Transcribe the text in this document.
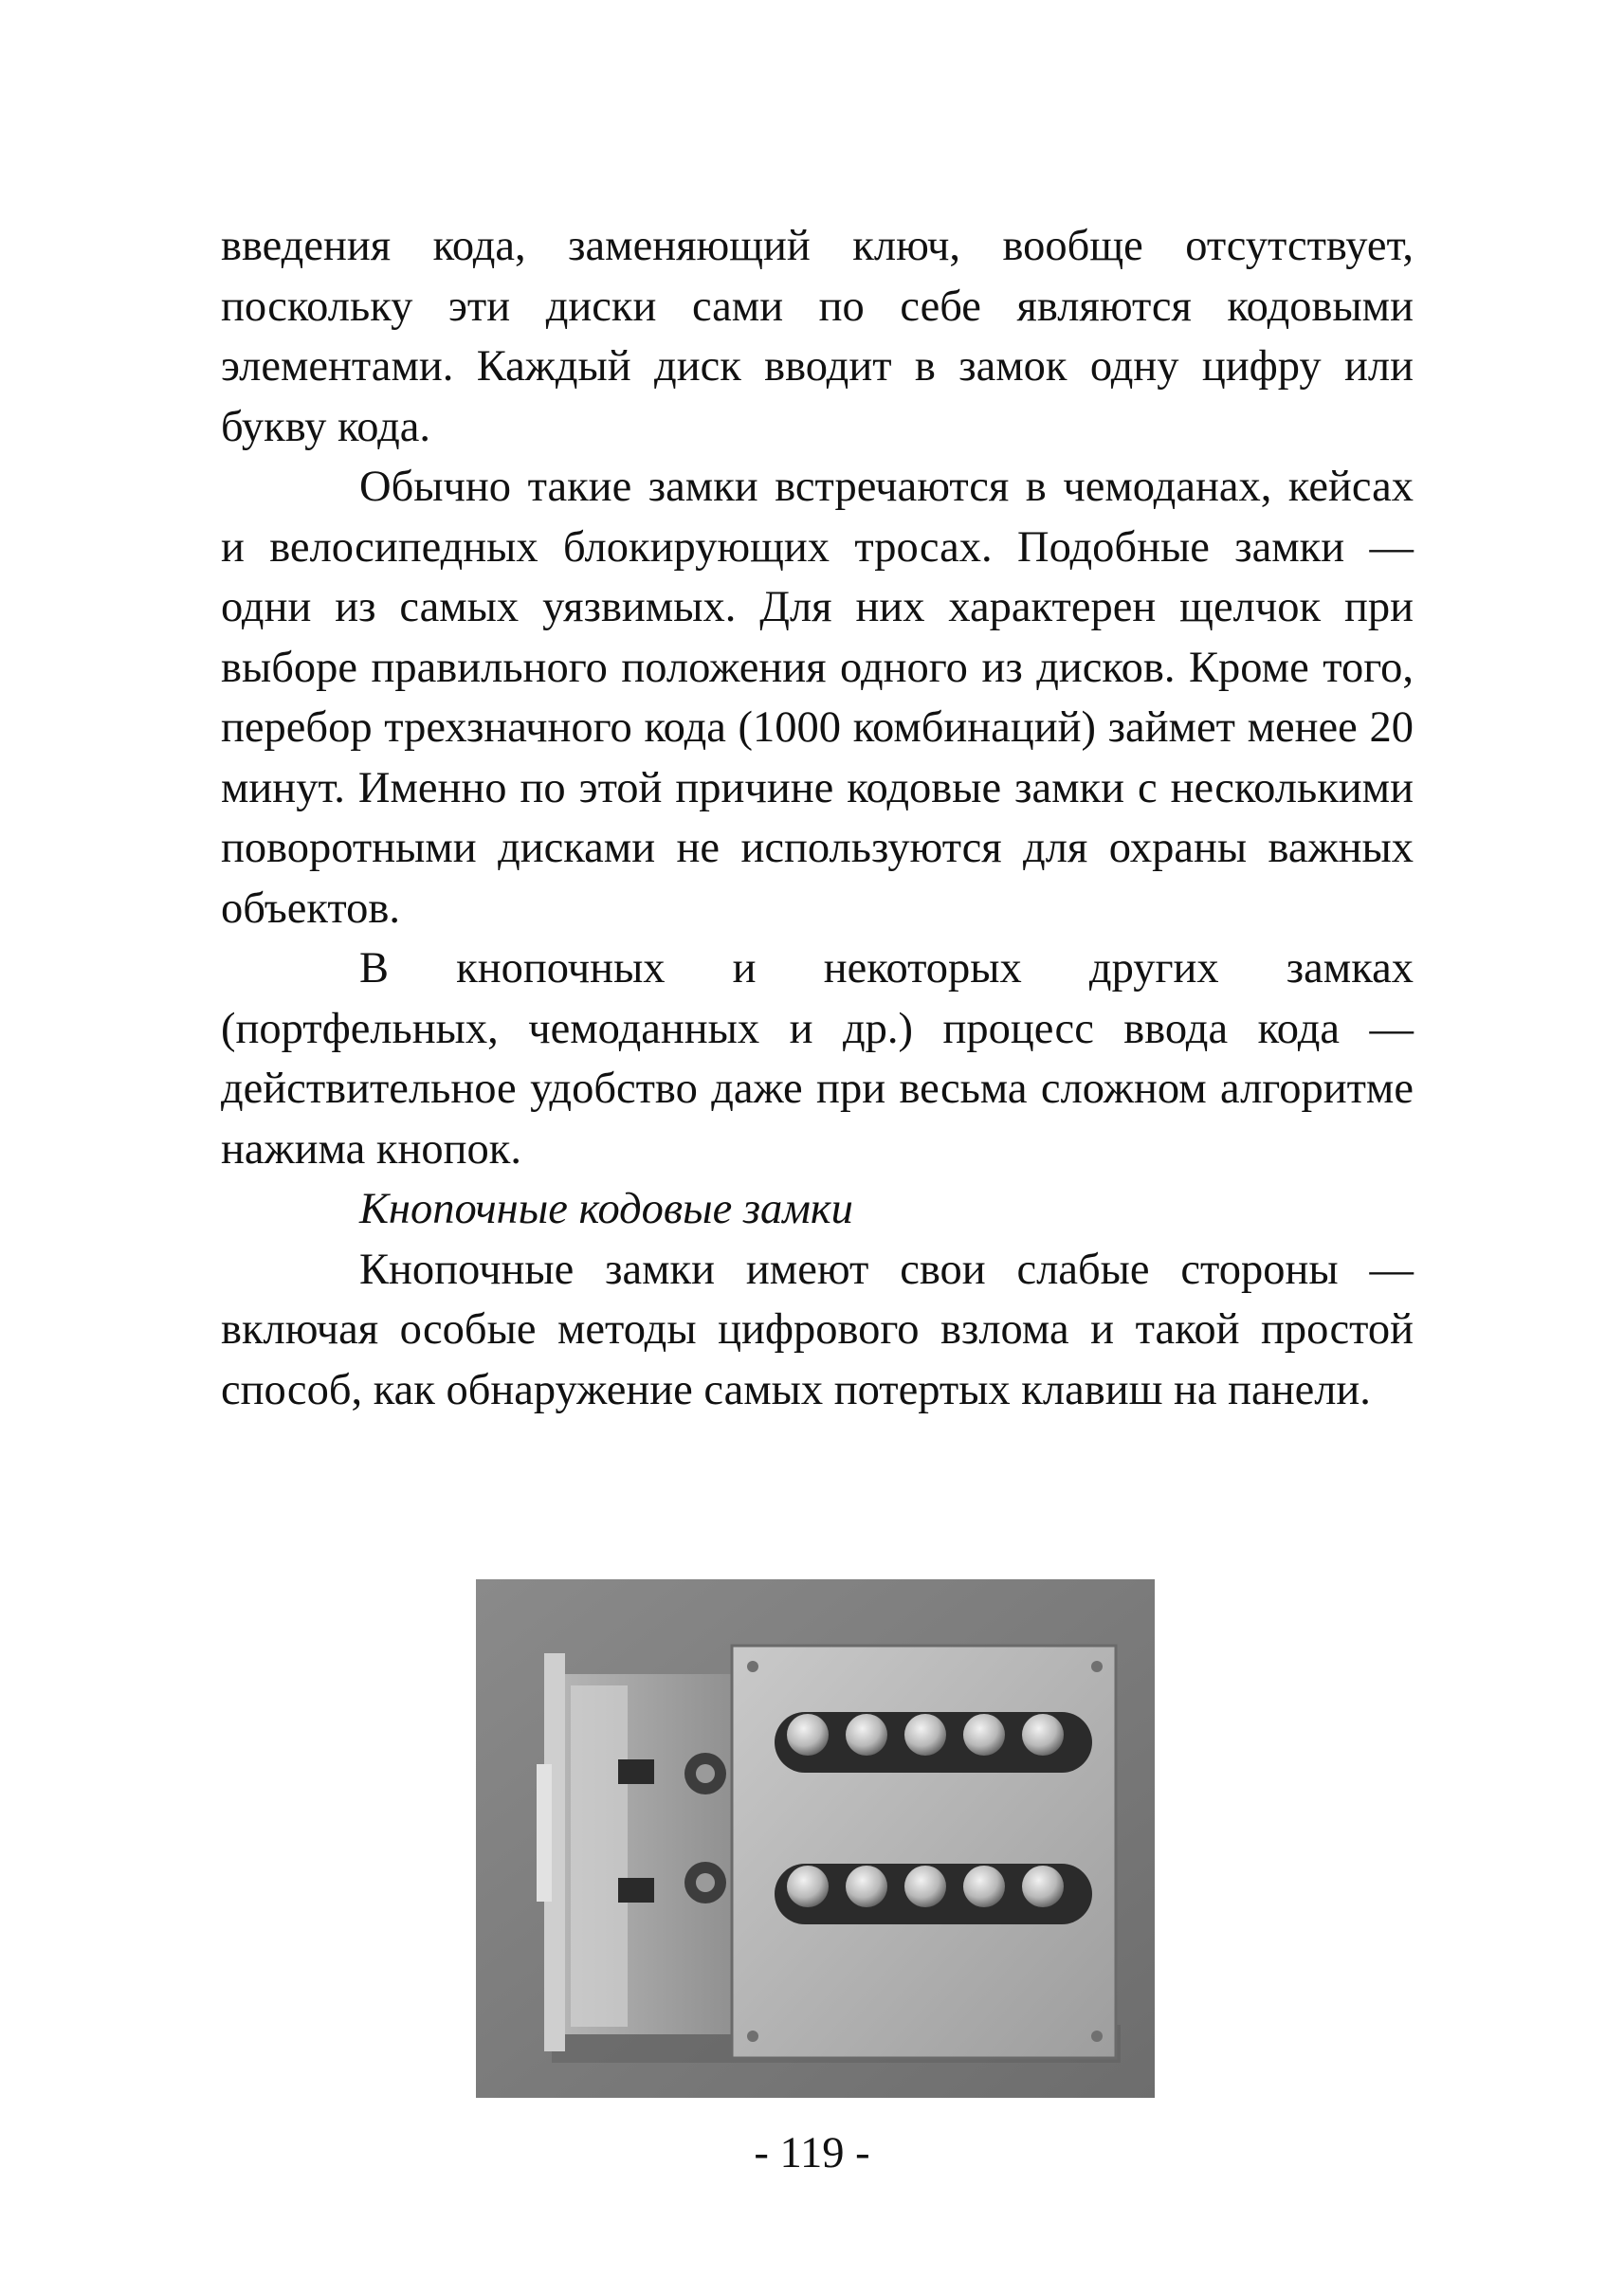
введения кода, заменяющий ключ, вообще отсутствует, поскольку эти диски сами по себе являются кодовыми элементами. Каждый диск вводит в замок одну цифру или букву кода.

Обычно такие замки встречаются в чемоданах, кейсах и велосипедных блокирующих тросах. Подобные замки — одни из самых уязвимых. Для них характерен щелчок при выборе правильного положения одного из дисков. Кроме того, перебор трехзначного кода (1000 комбинаций) займет менее 20 минут. Именно по этой причине кодовые замки с несколькими поворотными дисками не используются для охраны важных объектов.

В кнопочных и некоторых других замках (портфельных, чемоданных и др.) процесс ввода кода — действительное удобство даже при весьма сложном алгоритме нажима кнопок.

Кнопочные кодовые замки

Кнопочные замки имеют свои слабые стороны — включая особые методы цифрового взлома и такой простой способ, как обнаружение самых потертых клавиш на панели.

- 119 -
